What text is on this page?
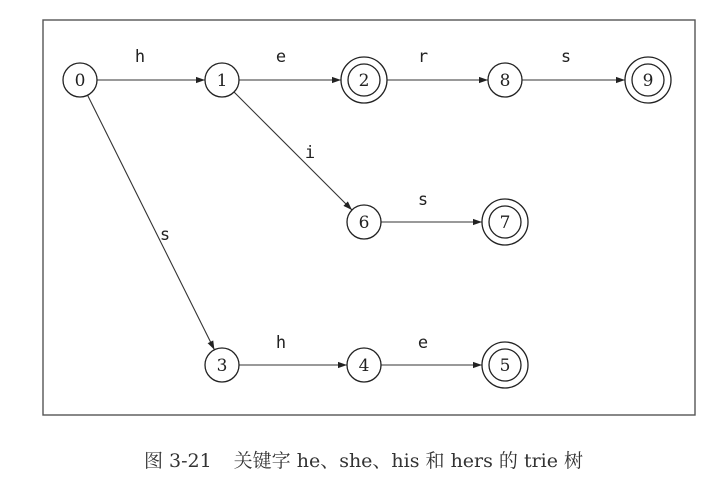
h	e	r	s
i
s
s
h	e
0	1	2	8	9
6	7
3	4	5
图 3-21 关键字 he、she、his 和 hers 的 trie 树
